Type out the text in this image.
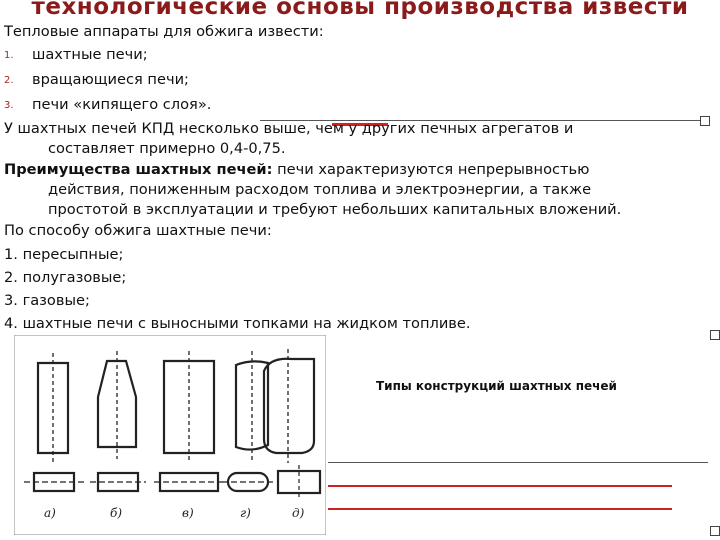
технологические основы производства извести
Тепловые аппараты для обжига извести:
1. шахтные печи;
2. вращающиеся печи;
3. печи «кипящего слоя».
У шахтных печей КПД несколько выше, чем у других печных агрегатов и
составляет примерно 0,4-0,75.
Преимущества шахтных печей: печи характеризуются непрерывностью
действия, пониженным расходом топлива и электроэнергии, а также
простотой в эксплуатации и требуют небольших капитальных вложений.
По способу обжига шахтные печи:
1. пересыпные;
2. полугазовые;
3. газовые;
4. шахтные печи с выносными топками на жидком топливе.
Типы конструкций шахтных печей
а)	б)	в)	г)	д)
